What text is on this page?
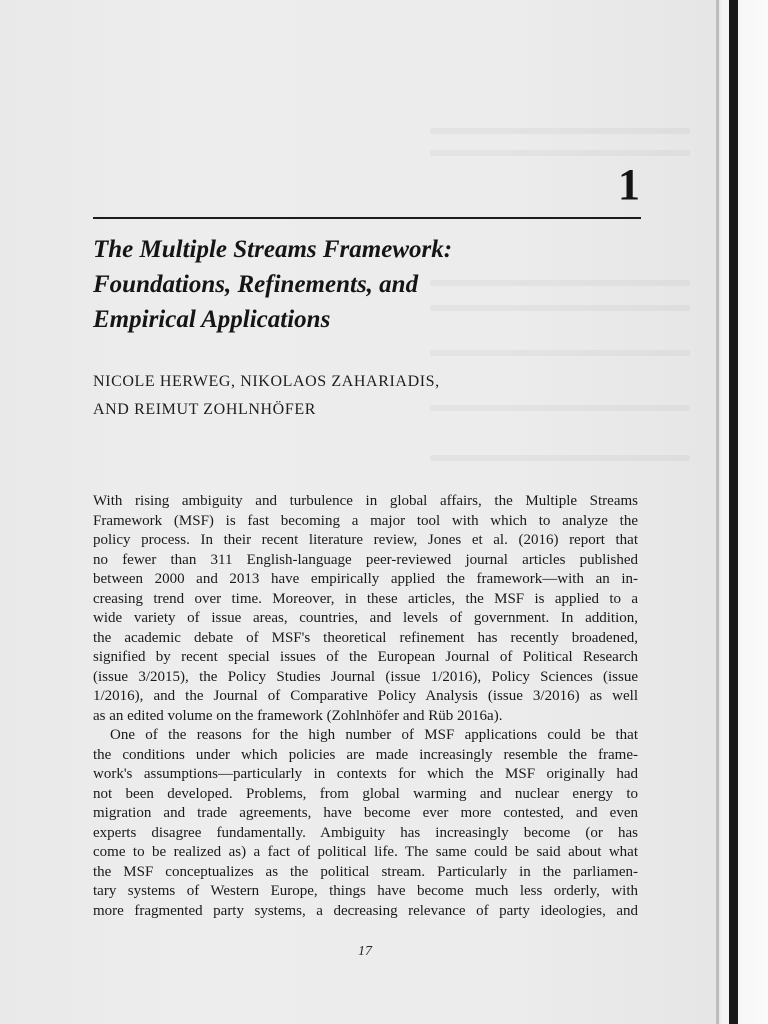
1
The Multiple Streams Framework:
Foundations, Refinements, and
Empirical Applications
NICOLE HERWEG, NIKOLAOS ZAHARIADIS,
AND REIMUT ZOHLNHÖFER
With rising ambiguity and turbulence in global affairs, the Multiple Streams
Framework (MSF) is fast becoming a major tool with which to analyze the
policy process. In their recent literature review, Jones et al. (2016) report that
no fewer than 311 English-language peer-reviewed journal articles published
between 2000 and 2013 have empirically applied the framework—with an in-
creasing trend over time. Moreover, in these articles, the MSF is applied to a
wide variety of issue areas, countries, and levels of government. In addition,
the academic debate of MSF's theoretical refinement has recently broadened,
signified by recent special issues of the European Journal of Political Research
(issue 3/2015), the Policy Studies Journal (issue 1/2016), Policy Sciences (issue
1/2016), and the Journal of Comparative Policy Analysis (issue 3/2016) as well
as an edited volume on the framework (Zohlnhöfer and Rüb 2016a).
One of the reasons for the high number of MSF applications could be that
the conditions under which policies are made increasingly resemble the frame-
work's assumptions—particularly in contexts for which the MSF originally had
not been developed. Problems, from global warming and nuclear energy to
migration and trade agreements, have become ever more contested, and even
experts disagree fundamentally. Ambiguity has increasingly become (or has
come to be realized as) a fact of political life. The same could be said about what
the MSF conceptualizes as the political stream. Particularly in the parliamen-
tary systems of Western Europe, things have become much less orderly, with
more fragmented party systems, a decreasing relevance of party ideologies, and
17
